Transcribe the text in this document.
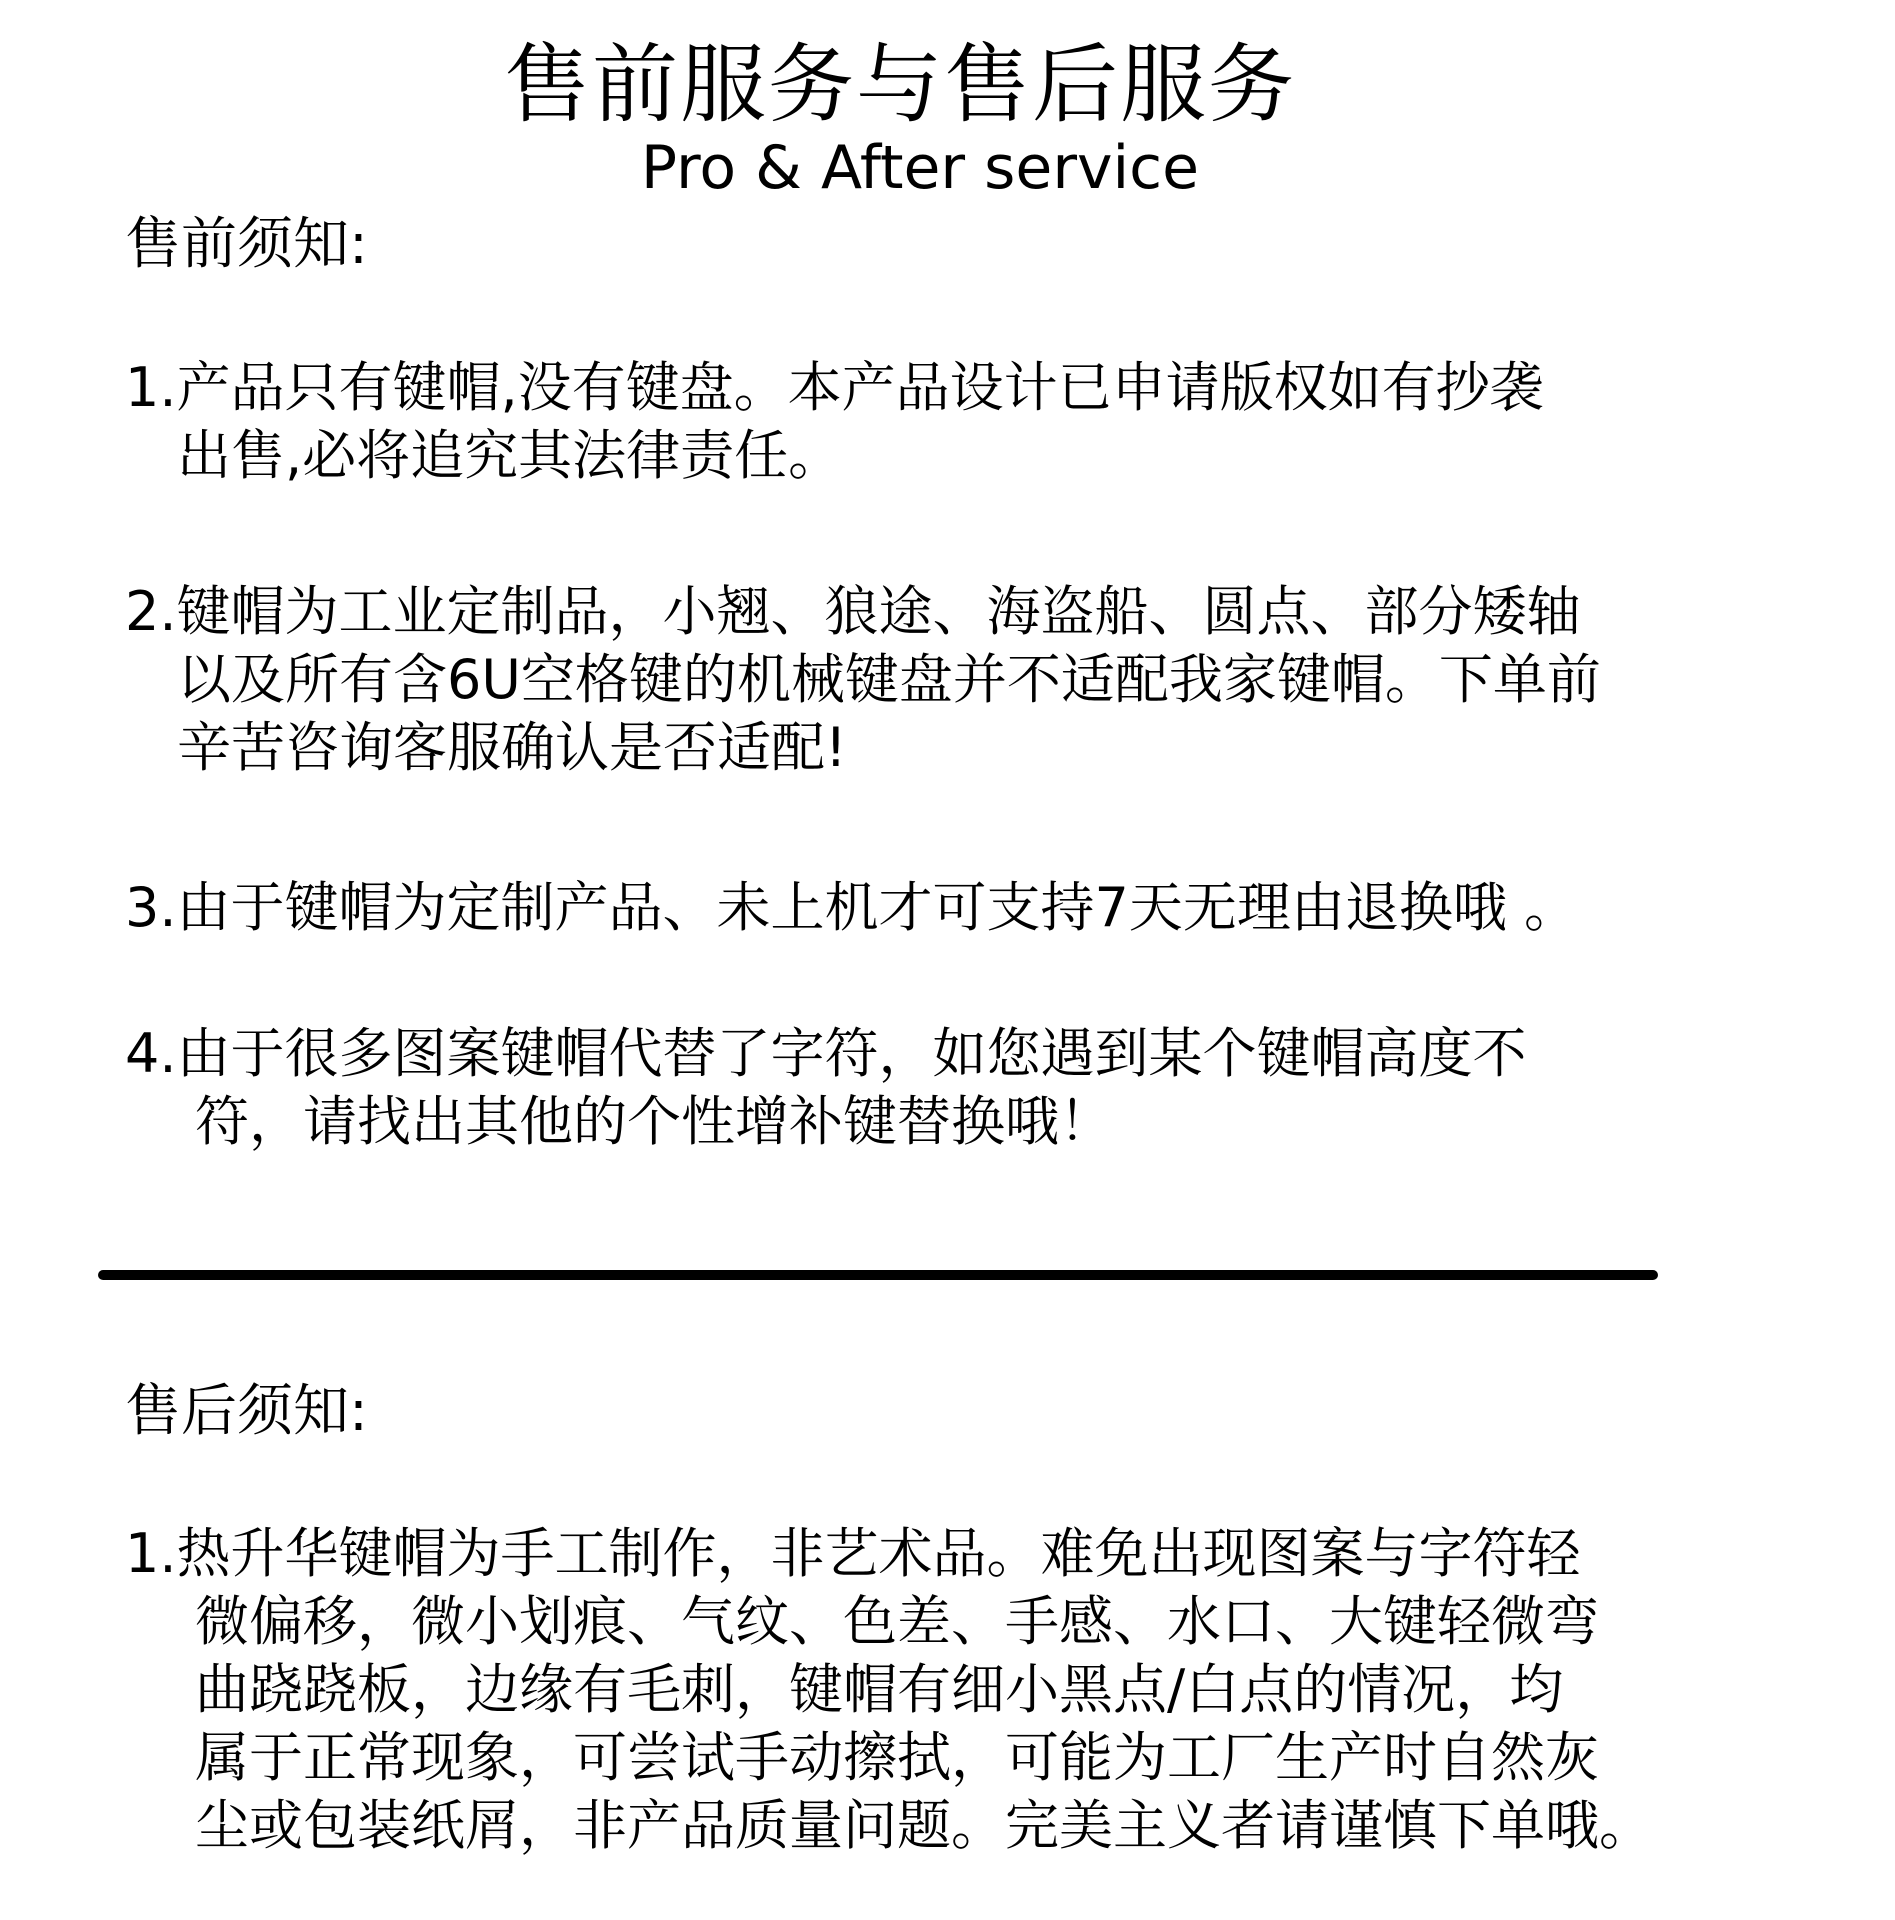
售前服务与售后服务
Pro & After service
售前须知:
1.产品只有键帽,没有键盘。本产品设计已申请版权如有抄袭
出售,必将追究其法律责任。
2.键帽为工业定制品，小翘、狼途、海盗船、圆点、部分矮轴
以及所有含6U空格键的机械键盘并不适配我家键帽。下单前
辛苦咨询客服确认是否适配!
3.由于键帽为定制产品、未上机才可支持7天无理由退换哦 。
4.由于很多图案键帽代替了字符，如您遇到某个键帽高度不
符，请找出其他的个性增补键替换哦！
售后须知:
1.热升华键帽为手工制作，非艺术品。难免出现图案与字符轻
微偏移，微小划痕、气纹、色差、手感、水口、大键轻微弯
曲跷跷板，边缘有毛刺，键帽有细小黑点/白点的情况，均
属于正常现象，可尝试手动擦拭，可能为工厂生产时自然灰
尘或包装纸屑，非产品质量问题。完美主义者请谨慎下单哦。
